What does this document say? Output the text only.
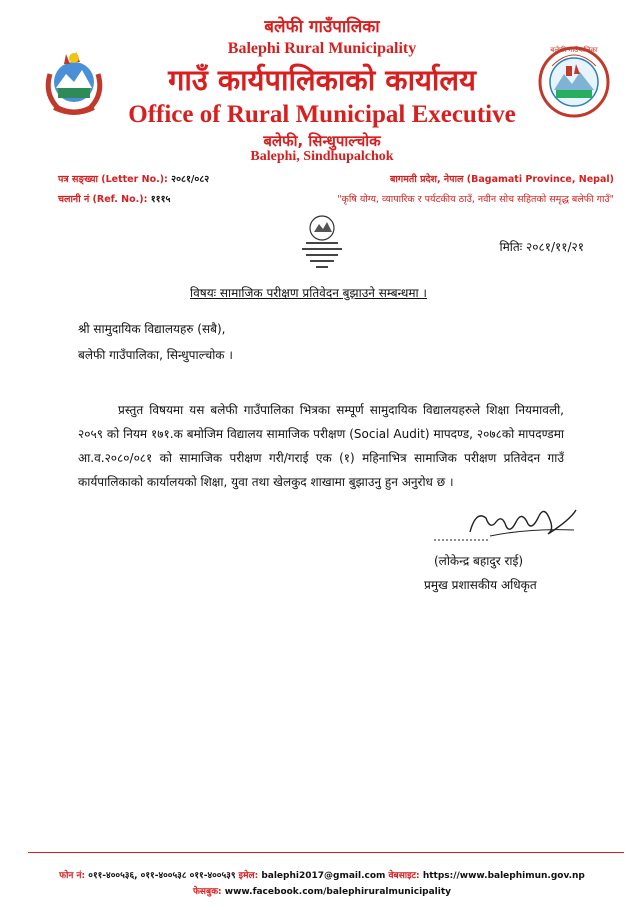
बलेफी गाउँपालिका
बलेफी गाउँपालिका
Balephi Rural Municipality
गाउँ कार्यपालिकाको कार्यालय
Office of Rural Municipal Executive
बलेफी, सिन्धुपाल्चोक
Balephi, Sindhupalchok
पत्र सङ्ख्या (Letter No.): २०८१/०८२
चलानी नं (Ref. No.): १११५
बागमती प्रदेश, नेपाल (Bagamati Province, Nepal)
"कृषि योग्य, व्यापारिक र पर्यटकीय ठाउँ, नवीन सोच सहितको समृद्ध बलेफी गाउँ"
मितिः २०८१/११/२१
विषयः सामाजिक परीक्षण प्रतिवेदन बुझाउने सम्बन्धमा ।
श्री सामुदायिक विद्यालयहरु (सबै),
बलेफी गाउँपालिका, सिन्धुपाल्चोक ।

प्रस्तुत विषयमा यस बलेफी गाउँपालिका भित्रका सम्पूर्ण सामुदायिक विद्यालयहरुले शिक्षा नियमावली, २०५९ को नियम १७१.क बमोजिम विद्यालय सामाजिक परीक्षण (Social Audit) मापदण्ड, २०७८को मापदण्डमा आ.व.२०८०/०८१ को सामाजिक परीक्षण गरी/गराई एक (१) महिनाभित्र सामाजिक परीक्षण प्रतिवेदन गाउँ कार्यपालिकाको कार्यालयको शिक्षा, युवा तथा खेलकुद शाखामा बुझाउनु हुन अनुरोध छ ।

(लोकेन्द्र बहादुर राई)
प्रमुख प्रशासकीय अधिकृत
फोन नं: ०११-४००५३६, ०११-४००५३८ ०११-४००५३९ इमेल: balephi2017@gmail.com वेबसाइट: https://www.balephimun.gov.np
फेसबुक: www.facebook.com/balephiruralmunicipality
